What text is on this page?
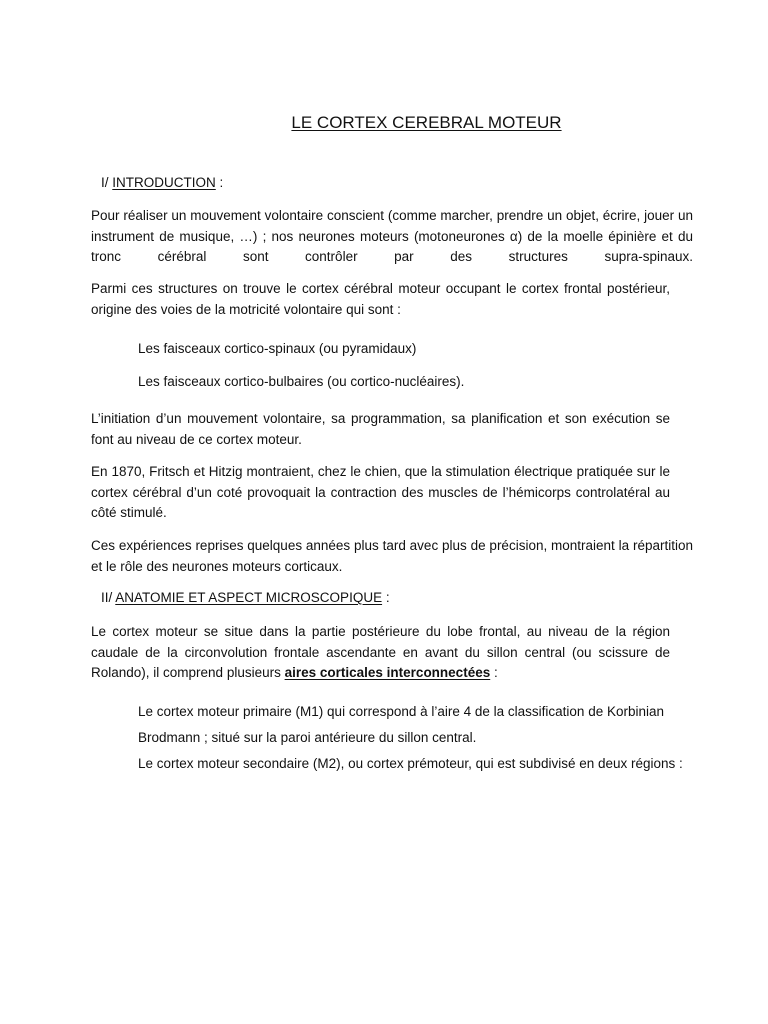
LE CORTEX CEREBRAL MOTEUR
I/ INTRODUCTION :
Pour réaliser un mouvement volontaire conscient (comme marcher, prendre un objet, écrire, jouer un instrument de musique, …) ; nos neurones moteurs (motoneurones α) de la moelle épinière et du tronc cérébral sont contrôler par des structures supra-spinaux.
Parmi ces structures on trouve le cortex cérébral moteur occupant le cortex frontal postérieur, origine des voies de la motricité volontaire qui sont :
Les faisceaux cortico-spinaux (ou pyramidaux)
Les faisceaux cortico-bulbaires (ou cortico-nucléaires).
L’initiation d’un mouvement volontaire, sa programmation, sa planification et son exécution se font au niveau de ce cortex moteur.
En 1870, Fritsch et Hitzig montraient, chez le chien, que la stimulation électrique pratiquée sur le cortex cérébral d’un coté provoquait la contraction des muscles de l’hémicorps controlatéral au côté stimulé.
Ces expériences reprises quelques années plus tard avec plus de précision, montraient la répartition et le rôle des neurones moteurs corticaux.
II/ ANATOMIE ET ASPECT MICROSCOPIQUE :
Le cortex moteur se situe dans la partie postérieure du lobe frontal, au niveau de la région caudale de la circonvolution frontale ascendante en avant du sillon central (ou scissure de Rolando), il comprend plusieurs aires corticales interconnectées :
Le cortex moteur primaire (M1) qui correspond à l’aire 4 de la classification de Korbinian Brodmann ; situé sur la paroi antérieure du sillon central.
Le cortex moteur secondaire (M2), ou cortex prémoteur, qui est subdivisé en deux régions :
